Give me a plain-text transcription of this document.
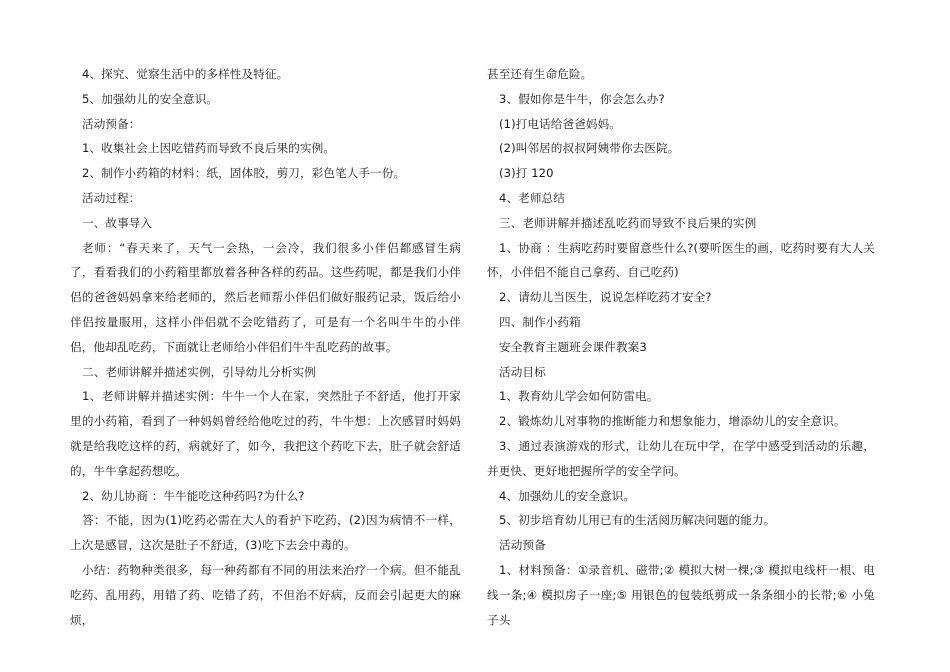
4、探究、觉察生活中的多样性及特征。

5、加强幼儿的安全意识。

活动预备：

1、收集社会上因吃错药而导致不良后果的实例。

2、制作小药箱的材料：纸，固体胶，剪刀，彩色笔人手一份。

活动过程：

一、故事导入

老师：“春天来了，天气一会热，一会冷，我们很多小伴侣都感冒生病了，看看我们的小药箱里都放着各种各样的药品。这些药呢，都是我们小伴侣的爸爸妈妈拿来给老师的，然后老师帮小伴侣们做好服药记录，饭后给小伴侣按量服用，这样小伴侣就不会吃错药了，可是有一个名叫牛牛的小伴侣，他却乱吃药，下面就让老师给小伴侣们牛牛乱吃药的故事。

二、老师讲解并描述实例，引导幼儿分析实例

1、老师讲解并描述实例：牛牛一个人在家，突然肚子不舒适，他打开家里的小药箱，看到了一种妈妈曾经给他吃过的药，牛牛想：上次感冒时妈妈就是给我吃这样的药，病就好了，如今，我把这个药吃下去，肚子就会舒适的，牛牛拿起药想吃。

2、幼儿协商 ：牛牛能吃这种药吗?为什么?

答：不能，因为(1)吃药必需在大人的看护下吃药，(2)因为病情不一样，上次是感冒，这次是肚子不舒适，(3)吃下去会中毒的。

小结：药物种类很多，每一种药都有不同的用法来治疗一个病。但不能乱吃药、乱用药，用错了药、吃错了药，不但治不好病，反而会引起更大的麻烦，

甚至还有生命危险。

3、假如你是牛牛，你会怎么办?

(1)打电话给爸爸妈妈。

(2)叫邻居的叔叔阿姨带你去医院。

(3)打 120

4、老师总结

三、老师讲解并描述乱吃药而导致不良后果的实例

1、协商 ：生病吃药时要留意些什么?(要听医生的画，吃药时要有大人关怀，小伴侣不能自己拿药、自己吃药)

2、请幼儿当医生，说说怎样吃药才安全?

四、制作小药箱

安全教育主题班会课件教案3

活动目标

1、教育幼儿学会如何防雷电。

2、锻炼幼儿对事物的推断能力和想象能力，增添幼儿的安全意识。

3、通过表演游戏的形式，让幼儿在玩中学，在学中感受到活动的乐趣，并更快、更好地把握所学的安全学问。

4、加强幼儿的安全意识。

5、初步培育幼儿用已有的生活阅历解决问题的能力。

活动预备

1、材料预备：①录音机、磁带;② 模拟大树一棵;③ 模拟电线杆一根、电线一条;④ 模拟房子一座;⑤ 用银色的包装纸剪成一条条细小的长带;⑥ 小兔子头
